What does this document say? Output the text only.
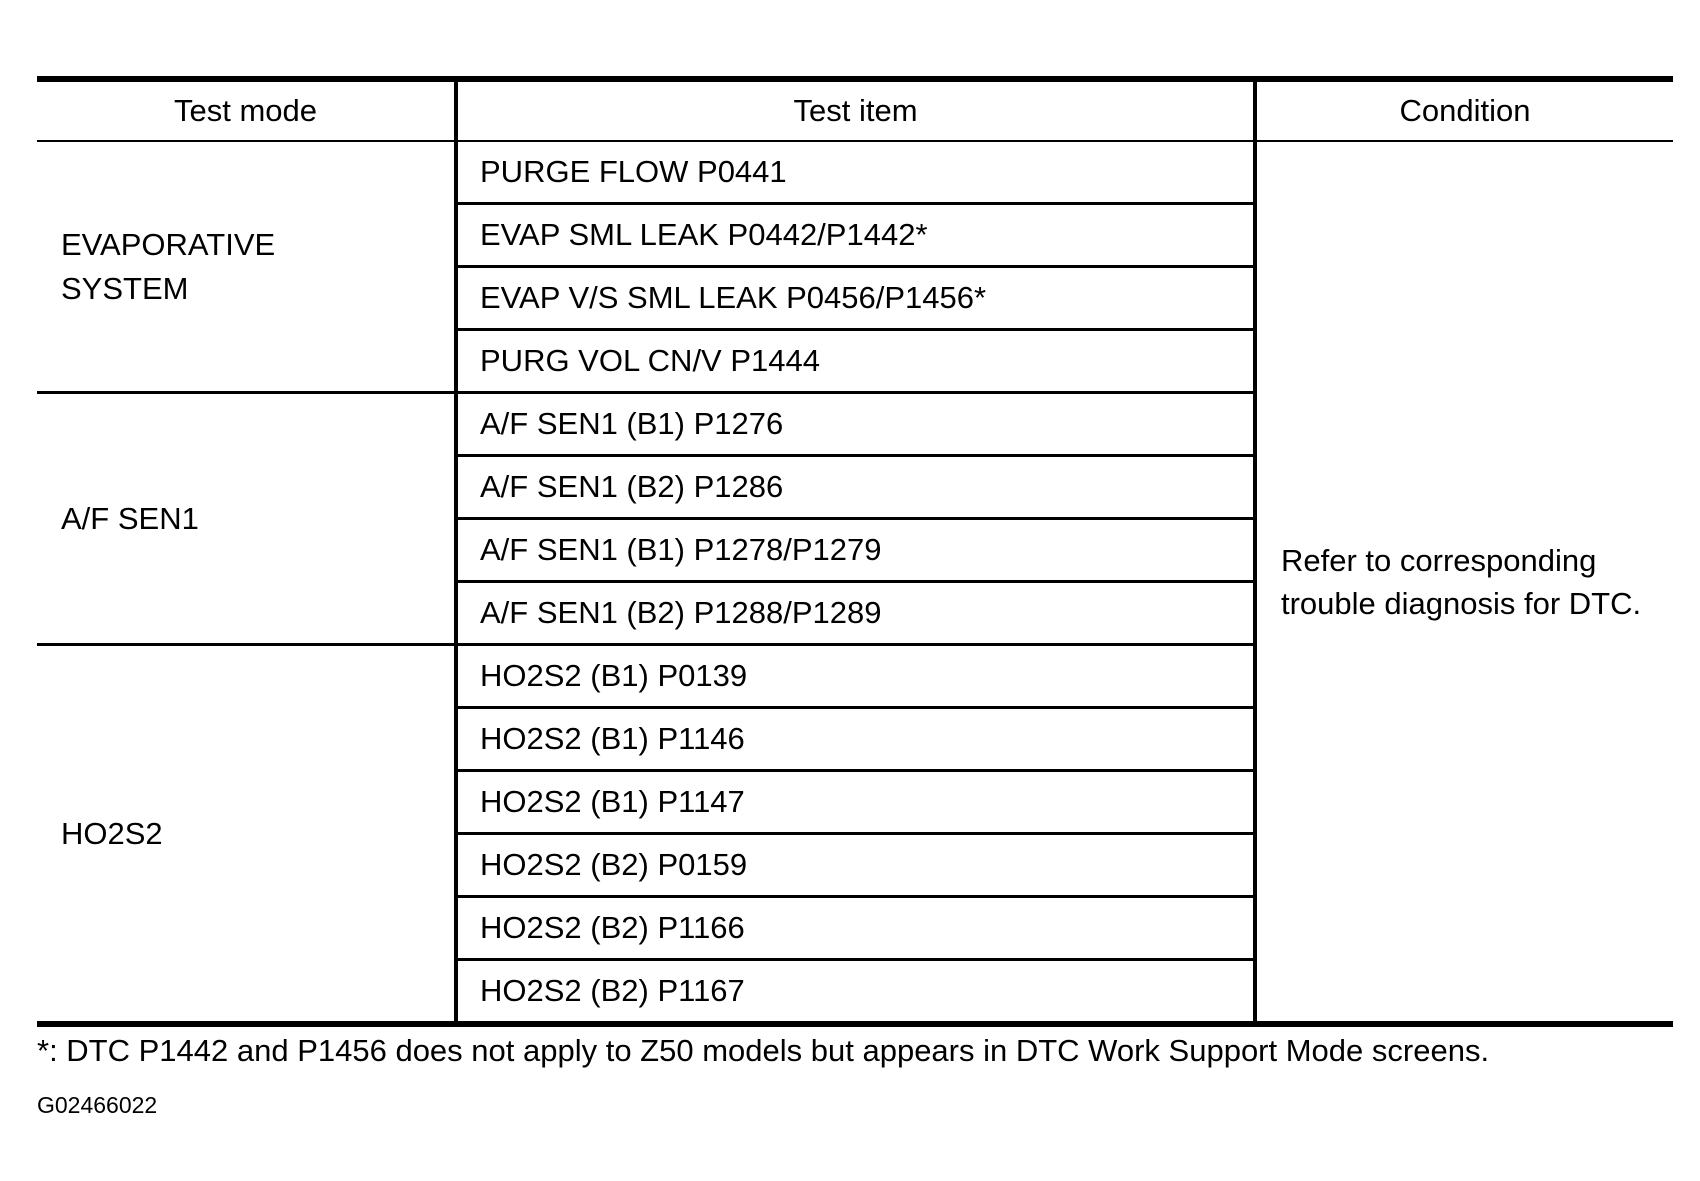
Test mode	Test item	Condition
EVAPORATIVE SYSTEM	PURGE FLOW P0441	Refer to corresponding trouble diagnosis for DTC.
	EVAP SML LEAK P0442/P1442*	
	EVAP V/S SML LEAK P0456/P1456*	
	PURG VOL CN/V P1444	
A/F SEN1	A/F SEN1 (B1) P1276	
	A/F SEN1 (B2) P1286	
	A/F SEN1 (B1) P1278/P1279	
	A/F SEN1 (B2) P1288/P1289	
HO2S2	HO2S2 (B1) P0139	
	HO2S2 (B1) P1146	
	HO2S2 (B1) P1147	
	HO2S2 (B2) P0159	
	HO2S2 (B2) P1166	
	HO2S2 (B2) P1167	
*: DTC P1442 and P1456 does not apply to Z50 models but appears in DTC Work Support Mode screens.
G02466022
